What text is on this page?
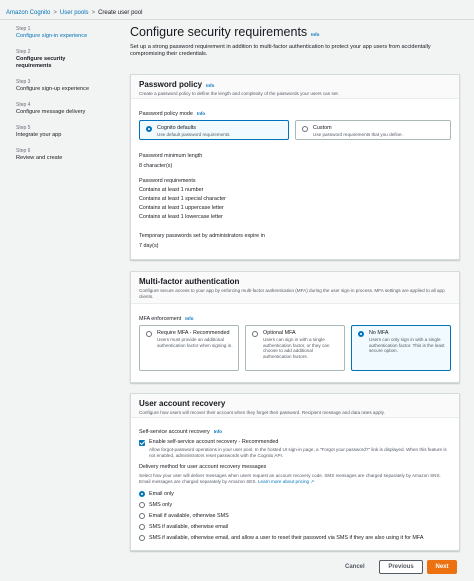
Amazon Cognito > User pools > Create user pool
Step 1
Configure sign-in experience
Step 2
Configure security requirements
Step 3
Configure sign-up experience
Step 4
Configure message delivery
Step 5
Integrate your app
Step 6
Review and create
Configure security requirements Info
Set up a strong password requirement in addition to multi-factor authentication to protect your app users from accidentally compromising their credentials.
Password policy Info
Create a password policy to define the length and complexity of the passwords your users can set.
Password policy mode Info
Cognito defaults
Use default password requirements.
Custom
Use password requirements that you define.
Password minimum length
8 character(s)
Password requirements
Contains at least 1 number
Contains at least 1 special character
Contains at least 1 uppercase letter
Contains at least 1 lowercase letter
Temporary passwords set by administrators expire in
7 day(s)
Multi-factor authentication
Configure secure access to your app by enforcing multi-factor authentication (MFA) during the user sign-in process. MFA settings are applied to all app clients.
MFA enforcement Info
Require MFA - Recommended
Users must provide an additional authentication factor when signing in.
Optional MFA
Users can sign in with a single authentication factor, or they can choose to add additional authentication factors.
No MFA
Users can only sign in with a single authentication factor. This is the least secure option.
User account recovery
Configure how users will recover their account when they forget their password. Recipient message and data rates apply.
Self-service account recovery Info
Enable self-service account recovery - Recommended
Allow forgot-password operations in your user pool. In the hosted UI sign-in page, a "Forgot your password?" link is displayed. When this feature is not enabled, administrators reset passwords with the Cognito API.
Delivery method for user account recovery messages
Select how your user will deliver messages when users request an account recovery code. SMS messages are charged separately by Amazon SNS. Email messages are charged separately by Amazon SES. Learn more about pricing ↗
Email only
SMS only
Email if available, otherwise SMS
SMS if available, otherwise email
SMS if available, otherwise email, and allow a user to reset their password via SMS if they are also using it for MFA
Cancel	Previous	Next
